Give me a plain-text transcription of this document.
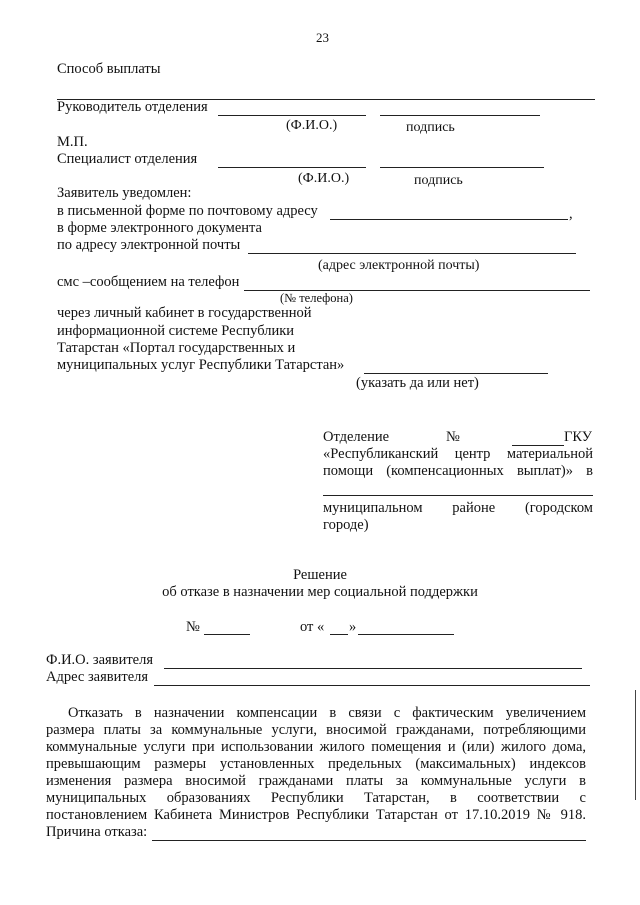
23
Способ выплаты
Руководитель отделения
(Ф.И.О.)	подпись
М.П.
Специалист отделения
(Ф.И.О.)	подпись
Заявитель уведомлен:
в письменной форме по почтовому адресу	,
в форме электронного документа
по адресу электронной почты
(адрес электронной почты)
смс –сообщением на телефон
(№ телефона)
через личный кабинет в государственной
информационной системе Республики
Татарстан «Портал государственных и
муниципальных услуг Республики Татарстан»
(указать да или нет)
Отделение	№	ГКУ
«Республиканский центр материальной
помощи (компенсационных выплат)» в
муниципальном районе (городском
городе)
Решение
об отказе в назначении мер социальной поддержки
№	от « »
Ф.И.О. заявителя
Адрес заявителя
Отказать в назначении компенсации в связи с фактическим увеличением
размера платы за коммунальные услуги, вносимой гражданами, потребляющими
коммунальные услуги при использовании жилого помещения и (или) жилого дома,
превышающим размеры установленных предельных (максимальных) индексов
изменения размера вносимой гражданами платы за коммунальные услуги в
муниципальных образованиях Республики Татарстан, в соответствии с
постановлением Кабинета Министров Республики Татарстан от 17.10.2019 № 918.
Причина отказа:
